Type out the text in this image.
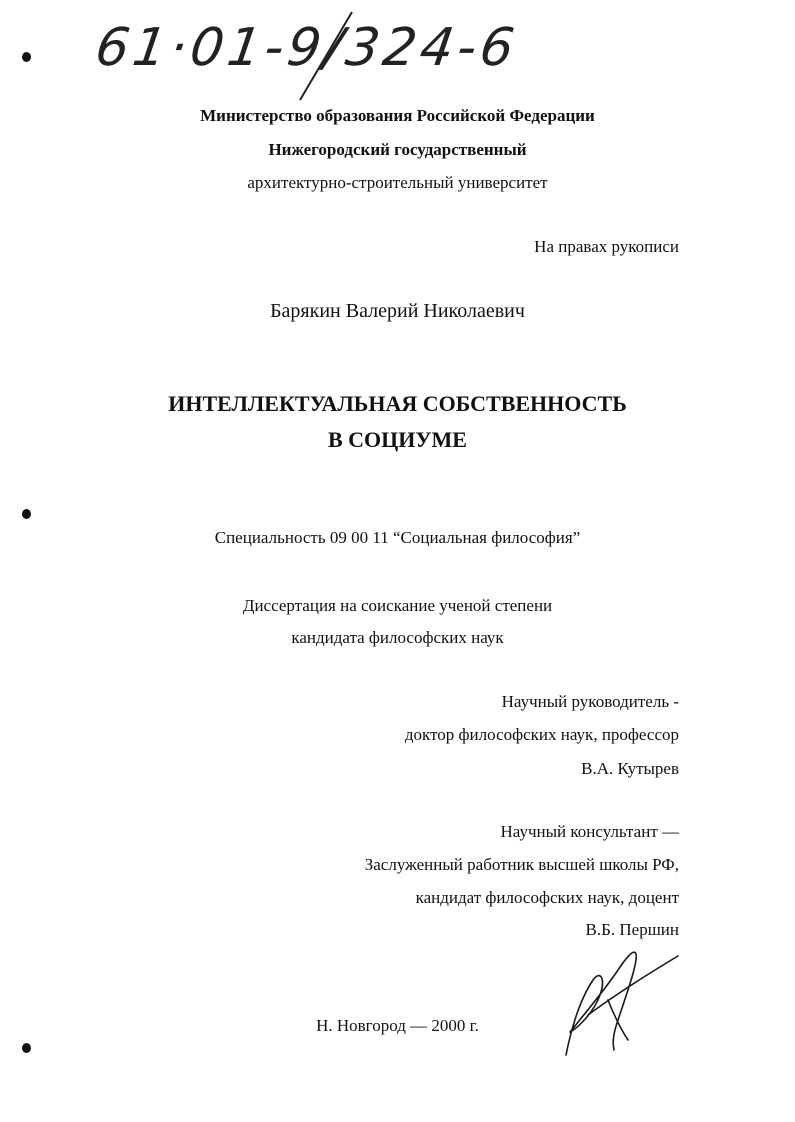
61·01-9/324-6
Министерство образования Российской Федерации
Нижегородский государственный
архитектурно-строительный университет
На правах рукописи
Барякин Валерий Николаевич
ИНТЕЛЛЕКТУАЛЬНАЯ СОБСТВЕННОСТЬ
В СОЦИУМЕ
Специальность 09 00 11 “Социальная философия”
Диссертация на соискание ученой степени
кандидата философских наук
Научный руководитель -
доктор философских наук, профессор
В.А. Кутырев
Научный консультант —
Заслуженный работник высшей школы РФ,
кандидат философских наук, доцент
В.Б. Першин
Н. Новгород — 2000 г.
